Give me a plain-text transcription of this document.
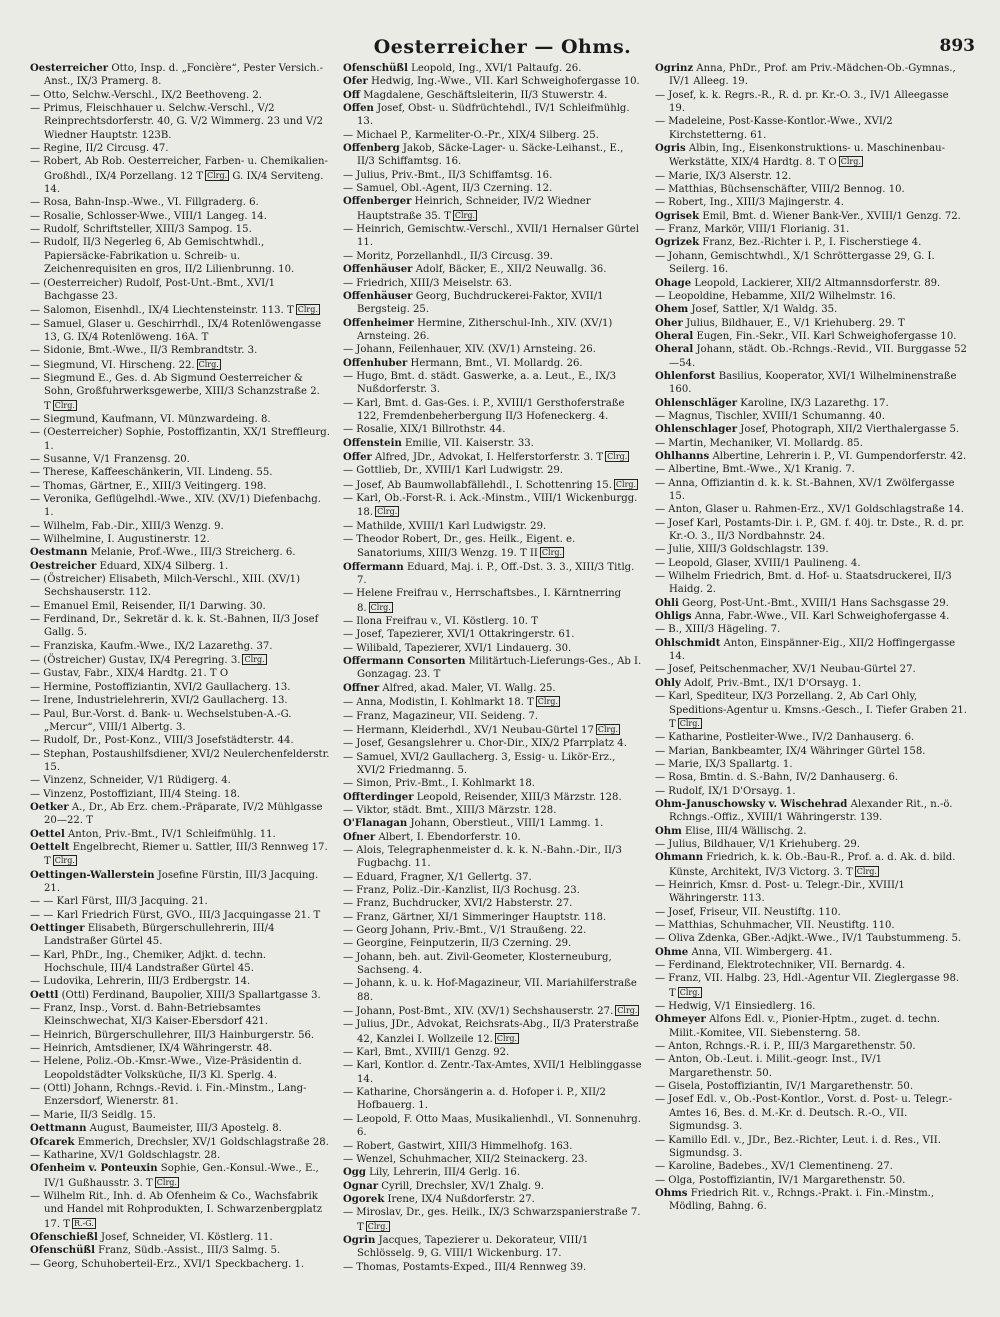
Oesterreicher — Ohms.	893

Oesterreicher Otto, Insp. d. „Foncière“, Pester Versich.-Anst., IX/3 Pramerg. 8.

— Otto, Selchw.-Verschl., IX/2 Beethoveng. 2.

— Primus, Fleischhauer u. Selchw.-Verschl., V/2 Reinprechtsdorferstr. 40, G. V/2 Wimmerg. 23 und V/2 Wiedner Hauptstr. 123B.

— Regine, II/2 Circusg. 47.

— Robert, Ab Rob. Oesterreicher, Farben- u. Chemikalien-Großhdl., IX/4 Porzellang. 12 T Clrg. G. IX/4 Serviteng. 14.

— Rosa, Bahn-Insp.-Wwe., VI. Fillgraderg. 6.

— Rosalie, Schlosser-Wwe., VIII/1 Langeg. 14.

— Rudolf, Schriftsteller, XIII/3 Sampog. 15.

— Rudolf, II/3 Negerleg 6, Ab Gemischtwhdl., Papiersäcke-Fabrikation u. Schreib- u. Zeichenrequisiten en gros, II/2 Lilienbrunng. 10.

— (Oesterreicher) Rudolf, Post-Unt.-Bmt., XVI/1 Bachgasse 23.

— Salomon, Eisenhdl., IX/4 Liechtensteinstr. 113. T Clrg.

— Samuel, Glaser u. Geschirrhdl., IX/4 Rotenlöwengasse 13, G. IX/4 Rotenlöweng. 16A. T

— Sidonie, Bmt.-Wwe., II/3 Rembrandtstr. 3.

— Siegmund, VI. Hirscheng. 22. Clrg.

— Siegmund E., Ges. d. Ab Sigmund Oesterreicher & Sohn, Großfuhrwerksgewerbe, XIII/3 Schanzstraße 2. T Clrg.

— Siegmund, Kaufmann, VI. Münzwardeing. 8.

— (Oesterreicher) Sophie, Postoffizantin, XX/1 Streffleurg. 1.

— Susanne, V/1 Franzensg. 20.

— Therese, Kaffeeschänkerin, VII. Lindeng. 55.

— Thomas, Gärtner, E., XIII/3 Veitingerg. 198.

— Veronika, Geflügelhdl.-Wwe., XIV. (XV/1) Diefenbachg. 1.

— Wilhelm, Fab.-Dir., XIII/3 Wenzg. 9.

— Wilhelmine, I. Augustinerstr. 12.

Oestmann Melanie, Prof.-Wwe., III/3 Streicherg. 6.

Oestreicher Eduard, XIX/4 Silberg. 1.

— (Östreicher) Elisabeth, Milch-Verschl., XIII. (XV/1) Sechshauserstr. 112.

— Emanuel Emil, Reisender, II/1 Darwing. 30.

— Ferdinand, Dr., Sekretär d. k. k. St.-Bahnen, II/3 Josef Gallg. 5.

— Franziska, Kaufm.-Wwe., IX/2 Lazarethg. 37.

— (Östreicher) Gustav, IX/4 Peregring. 3. Clrg.

— Gustav, Fabr., XIX/4 Hardtg. 21. T O

— Hermine, Postoffiziantin, XVI/2 Gaullacherg. 13.

— Irene, Industrielehrerin, XVI/2 Gaullacherg. 13.

— Paul, Bur.-Vorst. d. Bank- u. Wechselstuben-A.-G. „Mercur“, VIII/1 Albertg. 3.

— Rudolf, Dr., Post-Konz., VIII/3 Josefstädterstr. 44.

— Stephan, Postaushilfsdiener, XVI/2 Neulerchenfelderstr. 15.

— Vinzenz, Schneider, V/1 Rüdigerg. 4.

— Vinzenz, Postoffiziant, III/4 Steing. 18.

Oetker A., Dr., Ab Erz. chem.-Präparate, IV/2 Mühlgasse 20—22. T

Oettel Anton, Priv.-Bmt., IV/1 Schleifmühlg. 11.

Oettelt Engelbrecht, Riemer u. Sattler, III/3 Rennweg 17. T Clrg.

Oettingen-Wallerstein Josefine Fürstin, III/3 Jacquing. 21.

— — Karl Fürst, III/3 Jacquing. 21.

— — Karl Friedrich Fürst, GVO., III/3 Jacquingasse 21. T

Oettinger Elisabeth, Bürgerschullehrerin, III/4 Landstraßer Gürtel 45.

— Karl, PhDr., Ing., Chemiker, Adjkt. d. techn. Hochschule, III/4 Landstraßer Gürtel 45.

— Ludovika, Lehrerin, III/3 Erdbergstr. 14.

Oettl (Ottl) Ferdinand, Baupolier, XIII/3 Spallartgasse 3.

— Franz, Insp., Vorst. d. Bahn-Betriebsamtes Kleinschwechat, XI/3 Kaiser-Ebersdorf 421.

— Heinrich, Bürgerschullehrer, III/3 Hainburgerstr. 56.

— Heinrich, Amtsdiener, IX/4 Währingerstr. 48.

— Helene, Poliz.-Ob.-Kmsr.-Wwe., Vize-Präsidentin d. Leopoldstädter Volksküche, II/3 Kl. Sperlg. 4.

— (Ottl) Johann, Rchngs.-Revid. i. Fin.-Minstm., Lang-Enzersdorf, Wienerstr. 81.

— Marie, II/3 Seidlg. 15.

Oettmann August, Baumeister, III/3 Apostelg. 8.

Ofcarek Emmerich, Drechsler, XV/1 Goldschlagstraße 28.

— Katharine, XV/1 Goldschlagstr. 28.

Ofenheim v. Ponteuxin Sophie, Gen.-Konsul.-Wwe., E., IV/1 Gußhausstr. 3. T Clrg.

— Wilhelm Rit., Inh. d. Ab Ofenheim & Co., Wachsfabrik und Handel mit Rohprodukten, I. Schwarzenbergplatz 17. T R.-G.

Ofenschießl Josef, Schneider, VI. Köstlerg. 11.

Ofenschüßl Franz, Südb.-Assist., III/3 Salmg. 5.

— Georg, Schuhoberteil-Erz., XVI/1 Speckbacherg. 1.

Ofenschüßl Leopold, Ing., XVI/1 Paltaufg. 26.

Ofer Hedwig, Ing.-Wwe., VII. Karl Schweighofergasse 10.

Off Magdalene, Geschäftsleiterin, II/3 Stuwerstr. 4.

Offen Josef, Obst- u. Südfrüchtehdl., IV/1 Schleifmühlg. 13.

— Michael P., Karmeliter-O.-Pr., XIX/4 Silberg. 25.

Offenberg Jakob, Säcke-Lager- u. Säcke-Leihanst., E., II/3 Schiffamtsg. 16.

— Julius, Priv.-Bmt., II/3 Schiffamtsg. 16.

— Samuel, Obl.-Agent, II/3 Czerning. 12.

Offenberger Heinrich, Schneider, IV/2 Wiedner Hauptstraße 35. T Clrg.

— Heinrich, Gemischtw.-Verschl., XVII/1 Hernalser Gürtel 11.

— Moritz, Porzellanhdl., II/3 Circusg. 39.

Offenhäuser Adolf, Bäcker, E., XII/2 Neuwallg. 36.

— Friedrich, XIII/3 Meiselstr. 63.

Offenhäuser Georg, Buchdruckerei-Faktor, XVII/1 Bergsteig. 25.

Offenheimer Hermine, Zitherschul-Inh., XIV. (XV/1) Arnsteing. 26.

— Johann, Feilenhauer, XIV. (XV/1) Arnsteing. 26.

Offenhuber Hermann, Bmt., VI. Mollardg. 26.

— Hugo, Bmt. d. städt. Gaswerke, a. a. Leut., E., IX/3 Nußdorferstr. 3.

— Karl, Bmt. d. Gas-Ges. i. P., XVIII/1 Gersthoferstraße 122, Fremdenbeherbergung II/3 Hofeneckerg. 4.

— Rosalie, XIX/1 Billrothstr. 44.

Offenstein Emilie, VII. Kaiserstr. 33.

Offer Alfred, JDr., Advokat, I. Helferstorferstr. 3. T Clrg.

— Gottlieb, Dr., XVIII/1 Karl Ludwigstr. 29.

— Josef, Ab Baumwollabfällehdl., I. Schottenring 15. Clrg.

— Karl, Ob.-Forst-R. i. Ack.-Minstm., VIII/1 Wickenburgg. 18. Clrg.

— Mathilde, XVIII/1 Karl Ludwigstr. 29.

— Theodor Robert, Dr., ges. Heilk., Eigent. e. Sanatoriums, XIII/3 Wenzg. 19. T II Clrg.

Offermann Eduard, Maj. i. P., Off.-Dst. 3. 3., XIII/3 Titlg. 7.

— Helene Freifrau v., Herrschaftsbes., I. Kärntnerring 8. Clrg.

— Ilona Freifrau v., VI. Köstlerg. 10. T

— Josef, Tapezierer, XVI/1 Ottakringerstr. 61.

— Wilibald, Tapezierer, XVI/1 Lindauerg. 30.

Offermann Consorten Militärtuch-Lieferungs-Ges., Ab I. Gonzagag. 23. T

Offner Alfred, akad. Maler, VI. Wallg. 25.

— Anna, Modistin, I. Kohlmarkt 18. T Clrg.

— Franz, Magazineur, VII. Seideng. 7.

— Hermann, Kleiderhdl., XV/1 Neubau-Gürtel 17 Clrg.

— Josef, Gesangslehrer u. Chor-Dir., XIX/2 Pfarrplatz 4.

— Samuel, XVI/2 Gaullacherg. 3, Essig- u. Likör-Erz., XVI/2 Friedmanng. 5.

— Simon, Priv.-Bmt., I. Kohlmarkt 18.

Offterdinger Leopold, Reisender, XIII/3 Märzstr. 128.

— Viktor, städt. Bmt., XIII/3 Märzstr. 128.

O'Flanagan Johann, Oberstleut., VIII/1 Lammg. 1.

Ofner Albert, I. Ebendorferstr. 10.

— Alois, Telegraphenmeister d. k. k. N.-Bahn.-Dir., II/3 Fugbachg. 11.

— Eduard, Fragner, X/1 Gellertg. 37.

— Franz, Poliz.-Dir.-Kanzlist, II/3 Rochusg. 23.

— Franz, Buchdrucker, XVI/2 Habsterstr. 27.

— Franz, Gärtner, XI/1 Simmeringer Hauptstr. 118.

— Georg Johann, Priv.-Bmt., V/1 Straußeng. 22.

— Georgine, Feinputzerin, II/3 Czerning. 29.

— Johann, beh. aut. Zivil-Geometer, Klosterneuburg, Sachseng. 4.

— Johann, k. u. k. Hof-Magazineur, VII. Mariahilferstraße 88.

— Johann, Post-Bmt., XIV. (XV/1) Sechshauserstr. 27. Clrg.

— Julius, JDr., Advokat, Reichsrats-Abg., II/3 Praterstraße 42, Kanzlei I. Wollzeile 12. Clrg.

— Karl, Bmt., XVIII/1 Genzg. 92.

— Karl, Kontlor. d. Zentr.-Tax-Amtes, XVII/1 Helblinggasse 14.

— Katharine, Chorsängerin a. d. Hofoper i. P., XII/2 Hofbauerg. 1.

— Leopold, F. Otto Maas, Musikalienhdl., VI. Sonnenuhrg. 6.

— Robert, Gastwirt, XIII/3 Himmelhofg. 163.

— Wenzel, Schuhmacher, XII/2 Steinackerg. 23.

Ogg Lily, Lehrerin, III/4 Gerlg. 16.

Ognar Cyrill, Drechsler, XV/1 Zhalg. 9.

Ogorek Irene, IX/4 Nußdorferstr. 27.

— Miroslav, Dr., ges. Heilk., IX/3 Schwarzspanierstraße 7. T Clrg.

Ogrin Jacques, Tapezierer u. Dekorateur, VIII/1 Schlösselg. 9, G. VIII/1 Wickenburg. 17.

— Thomas, Postamts-Exped., III/4 Rennweg 39.

Ogrinz Anna, PhDr., Prof. am Priv.-Mädchen-Ob.-Gymnas., IV/1 Alleeg. 19.

— Josef, k. k. Regrs.-R., R. d. pr. Kr.-O. 3., IV/1 Alleegasse 19.

— Madeleine, Post-Kasse-Kontlor.-Wwe., XVI/2 Kirchstetterng. 61.

Ogris Albin, Ing., Eisenkonstruktions- u. Maschinenbau-Werkstätte, XIX/4 Hardtg. 8. T O Clrg.

— Marie, IX/3 Alserstr. 12.

— Matthias, Büchsenschäfter, VIII/2 Bennog. 10.

— Robert, Ing., XIII/3 Majingerstr. 4.

Ogrisek Emil, Bmt. d. Wiener Bank-Ver., XVIII/1 Genzg. 72.

— Franz, Markör, VIII/1 Florianig. 31.

Ogrizek Franz, Bez.-Richter i. P., I. Fischerstiege 4.

— Johann, Gemischtwhdl., X/1 Schröttergasse 29, G. I. Seilerg. 16.

Ohage Leopold, Lackierer, XII/2 Altmannsdorferstr. 89.

— Leopoldine, Hebamme, XII/2 Wilhelmstr. 16.

Ohem Josef, Sattler, X/1 Waldg. 35.

Oher Julius, Bildhauer, E., V/1 Kriehuberg. 29. T

Oheral Eugen, Fin.-Sekr., VII. Karl Schweighofergasse 10.

Oheral Johann, städt. Ob.-Rchngs.-Revid., VII. Burggasse 52—54.

Ohlenforst Basilius, Kooperator, XVI/1 Wilhelminenstraße 160.

Ohlenschläger Karoline, IX/3 Lazarethg. 17.

— Magnus, Tischler, XVIII/1 Schumanng. 40.

Ohlenschlager Josef, Photograph, XII/2 Vierthalergasse 5.

— Martin, Mechaniker, VI. Mollardg. 85.

Ohlhanns Albertine, Lehrerin i. P., VI. Gumpendorferstr. 42.

— Albertine, Bmt.-Wwe., X/1 Kranig. 7.

— Anna, Offiziantin d. k. k. St.-Bahnen, XV/1 Zwölfergasse 15.

— Anton, Glaser u. Rahmen-Erz., XV/1 Goldschlagstraße 14.

— Josef Karl, Postamts-Dir. i. P., GM. f. 40j. tr. Dste., R. d. pr. Kr.-O. 3., II/3 Nordbahnstr. 24.

— Julie, XIII/3 Goldschlagstr. 139.

— Leopold, Glaser, XVIII/1 Paulineng. 4.

— Wilhelm Friedrich, Bmt. d. Hof- u. Staatsdruckerei, II/3 Haidg. 2.

Ohli Georg, Post-Unt.-Bmt., XVIII/1 Hans Sachsgasse 29.

Ohligs Anna, Fabr.-Wwe., VII. Karl Schweighofergasse 4.

— B., XIII/3 Hägeling. 7.

Ohlschmidt Anton, Einspänner-Eig., XII/2 Hoffingergasse 14.

— Josef, Peitschenmacher, XV/1 Neubau-Gürtel 27.

Ohly Adolf, Priv.-Bmt., IX/1 D'Orsayg. 1.

— Karl, Spediteur, IX/3 Porzellang. 2, Ab Carl Ohly, Speditions-Agentur u. Kmsns.-Gesch., I. Tiefer Graben 21. T Clrg.

— Katharine, Postleiter-Wwe., IV/2 Danhauserg. 6.

— Marian, Bankbeamter, IX/4 Währinger Gürtel 158.

— Marie, IX/3 Spallartg. 1.

— Rosa, Bmtin. d. S.-Bahn, IV/2 Danhauserg. 6.

— Rudolf, IX/1 D'Orsayg. 1.

Ohm-Januschowsky v. Wischehrad Alexander Rit., n.-ö. Rchngs.-Offiz., XVIII/1 Währingerstr. 139.

Ohm Elise, III/4 Wällischg. 2.

— Julius, Bildhauer, V/1 Kriehuberg. 29.

Ohmann Friedrich, k. k. Ob.-Bau-R., Prof. a. d. Ak. d. bild. Künste, Architekt, IV/3 Victorg. 3. T Clrg.

— Heinrich, Kmsr. d. Post- u. Telegr.-Dir., XVIII/1 Währingerstr. 113.

— Josef, Friseur, VII. Neustiftg. 110.

— Matthias, Schuhmacher, VII. Neustiftg. 110.

— Oliva Zdenka, GBer.-Adjkt.-Wwe., IV/1 Taubstummeng. 5.

Ohme Anna, VII. Wimbergerg. 41.

— Ferdinand, Elektrotechniker, VII. Bernardg. 4.

— Franz, VII. Halbg. 23, Hdl.-Agentur VII. Zieglergasse 98. T Clrg.

— Hedwig, V/1 Einsiedlerg. 16.

Ohmeyer Alfons Edl. v., Pionier-Hptm., zuget. d. techn. Milit.-Komitee, VII. Siebensterng. 58.

— Anton, Rchngs.-R. i. P., III/3 Margarethenstr. 50.

— Anton, Ob.-Leut. i. Milit.-geogr. Inst., IV/1 Margarethenstr. 50.

— Gisela, Postoffiziantin, IV/1 Margarethenstr. 50.

— Josef Edl. v., Ob.-Post-Kontlor., Vorst. d. Post- u. Telegr.-Amtes 16, Bes. d. M.-Kr. d. Deutsch. R.-O., VII. Sigmundsg. 3.

— Kamillo Edl. v., JDr., Bez.-Richter, Leut. i. d. Res., VII. Sigmundsg. 3.

— Karoline, Badebes., XV/1 Clementineng. 27.

— Olga, Postoffiziantin, IV/1 Margarethenstr. 50.

Ohms Friedrich Rit. v., Rchngs.-Prakt. i. Fin.-Minstm., Mödling, Bahng. 6.
